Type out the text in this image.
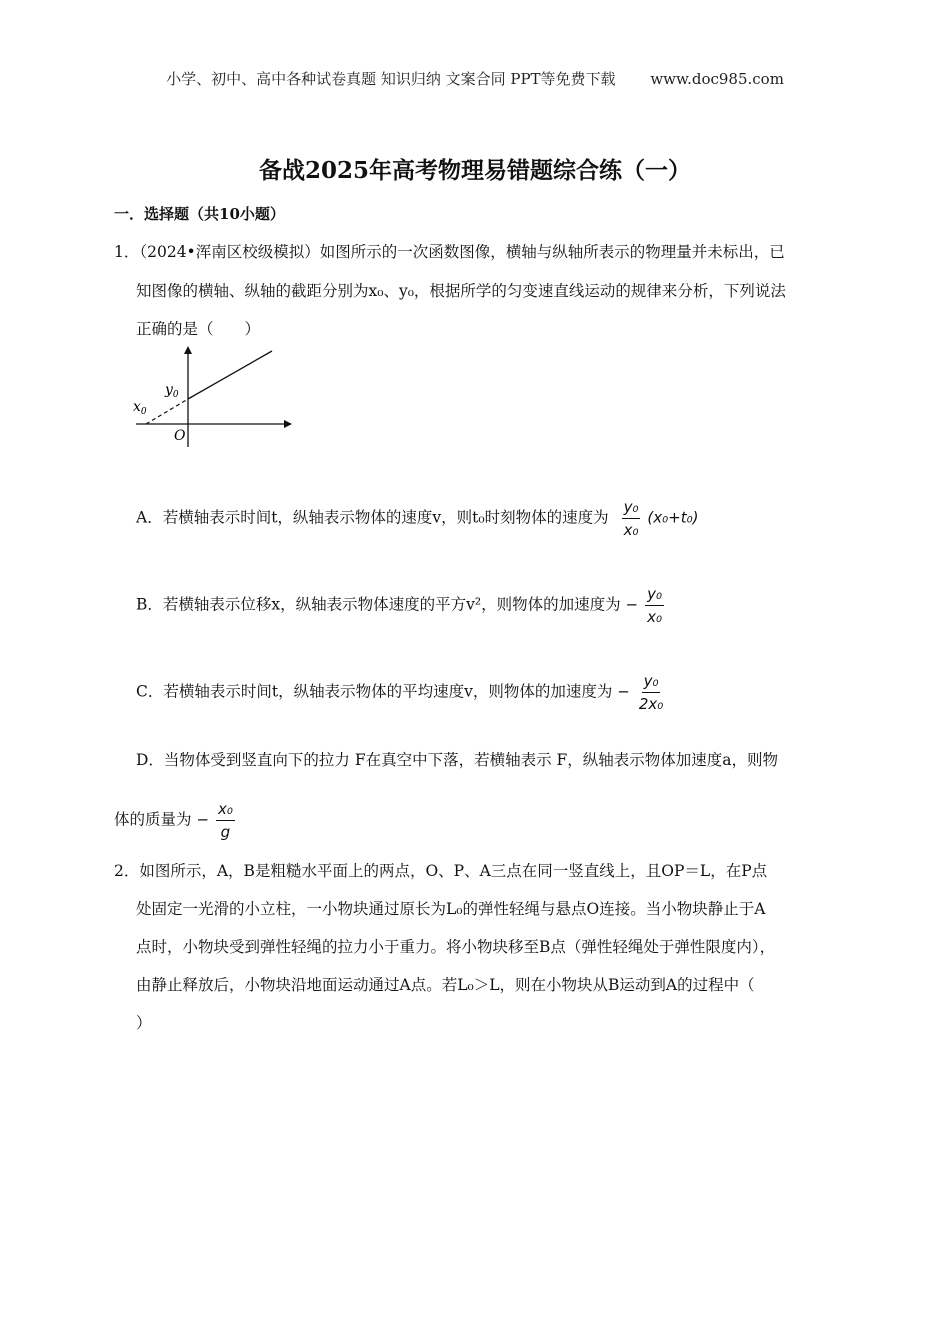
小学、初中、高中各种试卷真题 知识归纳 文案合同 PPT等免费下载 www.doc985.com
备战2025年高考物理易错题综合练（一）
一．选择题（共10小题）
1．（2024•浑南区校级模拟）如图所示的一次函数图像，横轴与纵轴所表示的物理量并未标出，已
知图像的横轴、纵轴的截距分别为x₀、y₀，根据所学的匀变速直线运动的规律来分析，下列说法
正确的是（　　）
$y_0$
$x_0$
O
A．若横轴表示时间t，纵轴表示物体的速度v，则t₀时刻物体的速度为 $\frac{\text{y₀}}{\text{x₀}} (x_0+t_0)$
B．若横轴表示位移x，纵轴表示物体速度的平方v²，则物体的加速度为 − $\frac{\text{y₀}}{\text{x₀}}$
C．若横轴表示时间t，纵轴表示物体的平均速度v，则物体的加速度为 − $\frac{\text{y₀}}{\text{2x₀}}$
D．当物体受到竖直向下的拉力 F在真空中下落，若横轴表示 F，纵轴表示物体加速度a，则物
体的质量为 − $\frac{\text{x₀}}{g}$
2．如图所示，A，B是粗糙水平面上的两点，O、P、A三点在同一竖直线上，且OP＝L，在P点
处固定一光滑的小立柱，一小物块通过原长为L₀的弹性轻绳与悬点O连接。当小物块静止于A
点时，小物块受到弹性轻绳的拉力小于重力。将小物块移至B点（弹性轻绳处于弹性限度内），
由静止释放后，小物块沿地面运动通过A点。若L₀＞L，则在小物块从B运动到A的过程中（
）
